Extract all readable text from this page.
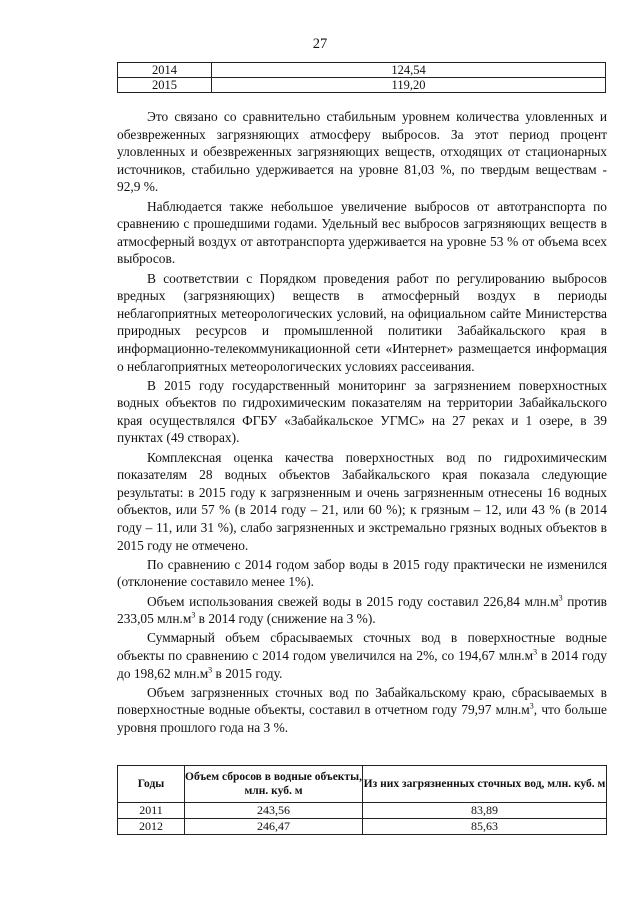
27
2014	124,54
2015	119,20

Это связано со сравнительно стабильным уровнем количества уловленных и обезвреженных загрязняющих атмосферу выбросов. За этот период процент уловленных и обезвреженных загрязняющих веществ, отходящих от стационарных источников, стабильно удерживается на уровне 81,03 %, по твердым веществам - 92,9 %.

Наблюдается также небольшое увеличение выбросов от автотранспорта по сравнению с прошедшими годами. Удельный вес выбросов загрязняющих веществ в атмосферный воздух от автотранспорта удерживается на уровне 53 % от объема всех выбросов.

В соответствии с Порядком проведения работ по регулированию выбросов вредных (загрязняющих) веществ в атмосферный воздух в периоды неблагоприятных метеорологических условий, на официальном сайте Министерства природных ресурсов и промышленной политики Забайкальского края в информационно-телекоммуникационной сети «Интернет» размещается информация о неблагоприятных метеорологических условиях рассеивания.

В 2015 году государственный мониторинг за загрязнением поверхностных водных объектов по гидрохимическим показателям на территории Забайкальского края осуществлялся ФГБУ «Забайкальское УГМС» на 27 реках и 1 озере, в 39 пунктах (49 створах).

Комплексная оценка качества поверхностных вод по гидрохимическим показателям 28 водных объектов Забайкальского края показала следующие результаты: в 2015 году к загрязненным и очень загрязненным отнесены 16 водных объектов, или 57 % (в 2014 году – 21, или 60 %); к грязным – 12, или 43 % (в 2014 году – 11, или 31 %), слабо загрязненных и экстремально грязных водных объектов в 2015 году не отмечено.

По сравнению с 2014 годом забор воды в 2015 году практически не изменился (отклонение составило менее 1%).

Объем использования свежей воды в 2015 году составил 226,84 $млн.м^3$ против 233,05 $млн.м^3$ в 2014 году (снижение на 3 %).

Суммарный объем сбрасываемых сточных вод в поверхностные водные объекты по сравнению с 2014 годом увеличился на 2%, со 194,67 $млн.м^3$ в 2014 году до 198,62 $млн.м^3$ в 2015 году.

Объем загрязненных сточных вод по Забайкальскому краю, сбрасываемых в поверхностные водные объекты, составил в отчетном году 79,97 $млн.м^3$, что больше уровня прошлого года на 3 %.

Годы	Объем сбросов в водные объекты, млн. куб. м	Из них загрязненных сточных вод, млн. куб. м
2011	243,56	83,89
2012	246,47	85,63
